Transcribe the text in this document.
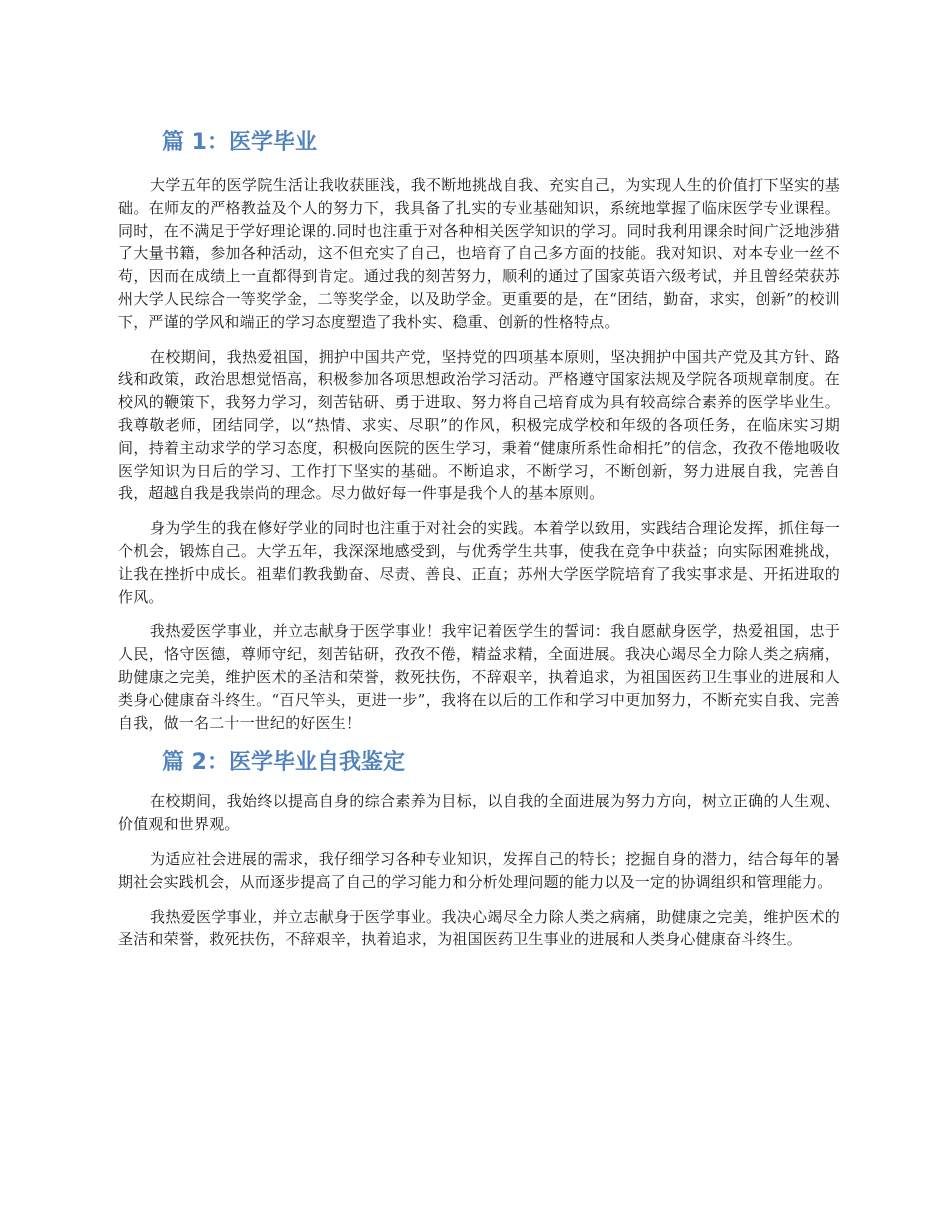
篇 1：医学毕业

大学五年的医学院生活让我收获匪浅，我不断地挑战自我、充实自己，为实现人生的价值打下坚实的基础。在师友的严格教益及个人的努力下，我具备了扎实的专业基础知识，系统地掌握了临床医学专业课程。同时，在不满足于学好理论课的.同时也注重于对各种相关医学知识的学习。同时我利用课余时间广泛地涉猎了大量书籍，参加各种活动，这不但充实了自己，也培育了自己多方面的技能。我对知识、对本专业一丝不苟，因而在成绩上一直都得到肯定。通过我的刻苦努力，顺利的通过了国家英语六级考试，并且曾经荣获苏州大学人民综合一等奖学金，二等奖学金，以及助学金。更重要的是，在“团结，勤奋，求实，创新”的校训下，严谨的学风和端正的学习态度塑造了我朴实、稳重、创新的性格特点。

在校期间，我热爱祖国，拥护中国共产党，坚持党的四项基本原则，坚决拥护中国共产党及其方针、路线和政策，政治思想觉悟高，积极参加各项思想政治学习活动。严格遵守国家法规及学院各项规章制度。在校风的鞭策下，我努力学习，刻苦钻研、勇于进取、努力将自己培育成为具有较高综合素养的医学毕业生。我尊敬老师，团结同学，以“热情、求实、尽职”的作风，积极完成学校和年级的各项任务，在临床实习期间，持着主动求学的学习态度，积极向医院的医生学习，秉着“健康所系性命相托”的信念，孜孜不倦地吸收医学知识为日后的学习、工作打下坚实的基础。不断追求，不断学习，不断创新，努力进展自我，完善自我，超越自我是我崇尚的理念。尽力做好每一件事是我个人的基本原则。

身为学生的我在修好学业的同时也注重于对社会的实践。本着学以致用，实践结合理论发挥，抓住每一个机会，锻炼自己。大学五年，我深深地感受到，与优秀学生共事，使我在竞争中获益；向实际困难挑战，让我在挫折中成长。祖辈们教我勤奋、尽责、善良、正直；苏州大学医学院培育了我实事求是、开拓进取的作风。

我热爱医学事业，并立志献身于医学事业！我牢记着医学生的誓词：我自愿献身医学，热爱祖国，忠于人民，恪守医德，尊师守纪，刻苦钻研，孜孜不倦，精益求精，全面进展。我决心竭尽全力除人类之病痛，助健康之完美，维护医术的圣洁和荣誉，救死扶伤，不辞艰辛，执着追求，为祖国医药卫生事业的进展和人类身心健康奋斗终生。“百尺竿头，更进一步”，我将在以后的工作和学习中更加努力，不断充实自我、完善自我，做一名二十一世纪的好医生！

篇 2：医学毕业自我鉴定

在校期间，我始终以提高自身的综合素养为目标，以自我的全面进展为努力方向，树立正确的人生观、价值观和世界观。

为适应社会进展的需求，我仔细学习各种专业知识，发挥自己的特长；挖掘自身的潜力，结合每年的暑期社会实践机会，从而逐步提高了自己的学习能力和分析处理问题的能力以及一定的协调组织和管理能力。

我热爱医学事业，并立志献身于医学事业。我决心竭尽全力除人类之病痛，助健康之完美，维护医术的圣洁和荣誉，救死扶伤，不辞艰辛，执着追求，为祖国医药卫生事业的进展和人类身心健康奋斗终生。
